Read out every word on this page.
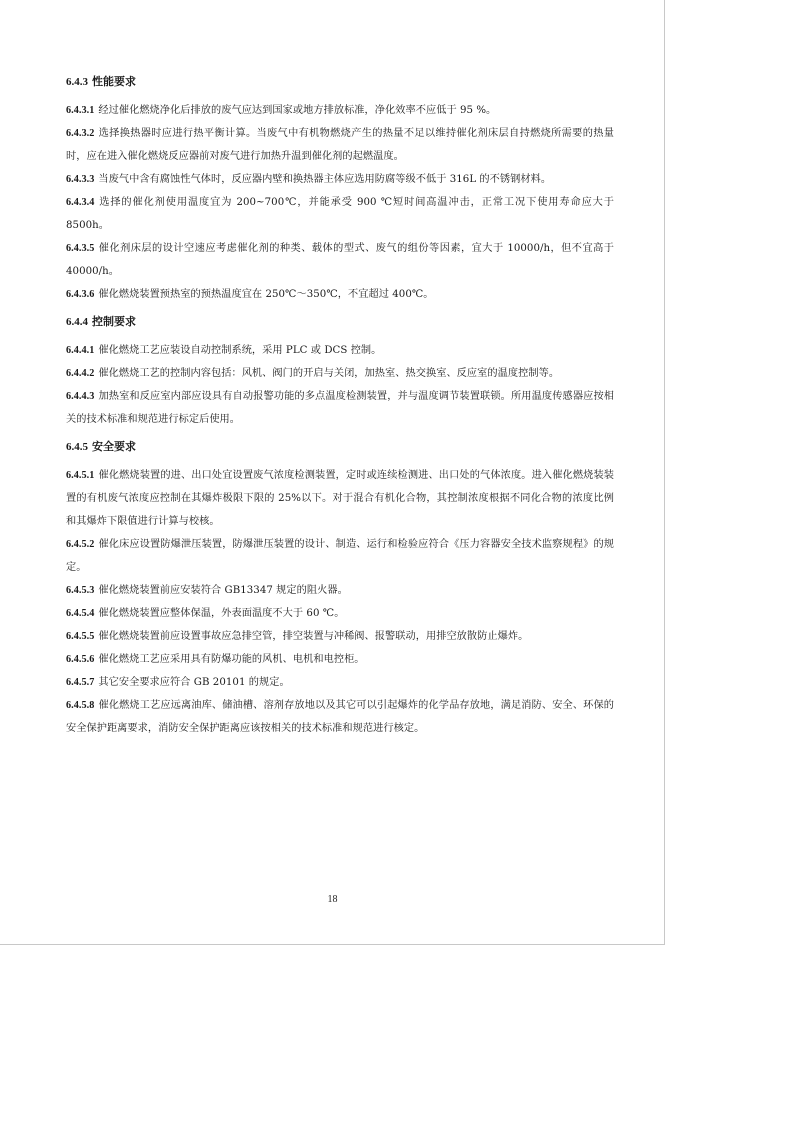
6.4.3 性能要求

6.4.3.1 经过催化燃烧净化后排放的废气应达到国家或地方排放标准，净化效率不应低于 95 %。

6.4.3.2 选择换热器时应进行热平衡计算。当废气中有机物燃烧产生的热量不足以维持催化剂床层自持燃烧所需要的热量时，应在进入催化燃烧反应器前对废气进行加热升温到催化剂的起燃温度。

6.4.3.3 当废气中含有腐蚀性气体时，反应器内壁和换热器主体应选用防腐等级不低于 316L 的不锈钢材料。

6.4.3.4 选择的催化剂使用温度宜为 200~700℃，并能承受 900 ℃短时间高温冲击，正常工况下使用寿命应大于 8500h。

6.4.3.5 催化剂床层的设计空速应考虑催化剂的种类、载体的型式、废气的组份等因素，宜大于 10000/h，但不宜高于 40000/h。

6.4.3.6 催化燃烧装置预热室的预热温度宜在 250℃～350℃，不宜超过 400℃。

6.4.4 控制要求

6.4.4.1 催化燃烧工艺应装设自动控制系统，采用 PLC 或 DCS 控制。

6.4.4.2 催化燃烧工艺的控制内容包括：风机、阀门的开启与关闭，加热室、热交换室、反应室的温度控制等。

6.4.4.3 加热室和反应室内部应设具有自动报警功能的多点温度检测装置，并与温度调节装置联锁。所用温度传感器应按相关的技术标准和规范进行标定后使用。

6.4.5 安全要求

6.4.5.1 催化燃烧装置的进、出口处宜设置废气浓度检测装置，定时或连续检测进、出口处的气体浓度。进入催化燃烧装装置的有机废气浓度应控制在其爆炸极限下限的 25%以下。对于混合有机化合物，其控制浓度根据不同化合物的浓度比例和其爆炸下限值进行计算与校核。

6.4.5.2 催化床应设置防爆泄压装置，防爆泄压装置的设计、制造、运行和检验应符合《压力容器安全技术监察规程》的规定。

6.4.5.3 催化燃烧装置前应安装符合 GB13347 规定的阻火器。

6.4.5.4 催化燃烧装置应整体保温，外表面温度不大于 60 ℃。

6.4.5.5 催化燃烧装置前应设置事故应急排空管，排空装置与冲稀阀、报警联动，用排空放散防止爆炸。

6.4.5.6 催化燃烧工艺应采用具有防爆功能的风机、电机和电控柜。

6.4.5.7 其它安全要求应符合 GB 20101 的规定。

6.4.5.8 催化燃烧工艺应远离油库、储油槽、溶剂存放地以及其它可以引起爆炸的化学品存放地，满足消防、安全、环保的安全保护距离要求，消防安全保护距离应该按相关的技术标准和规范进行核定。

18
